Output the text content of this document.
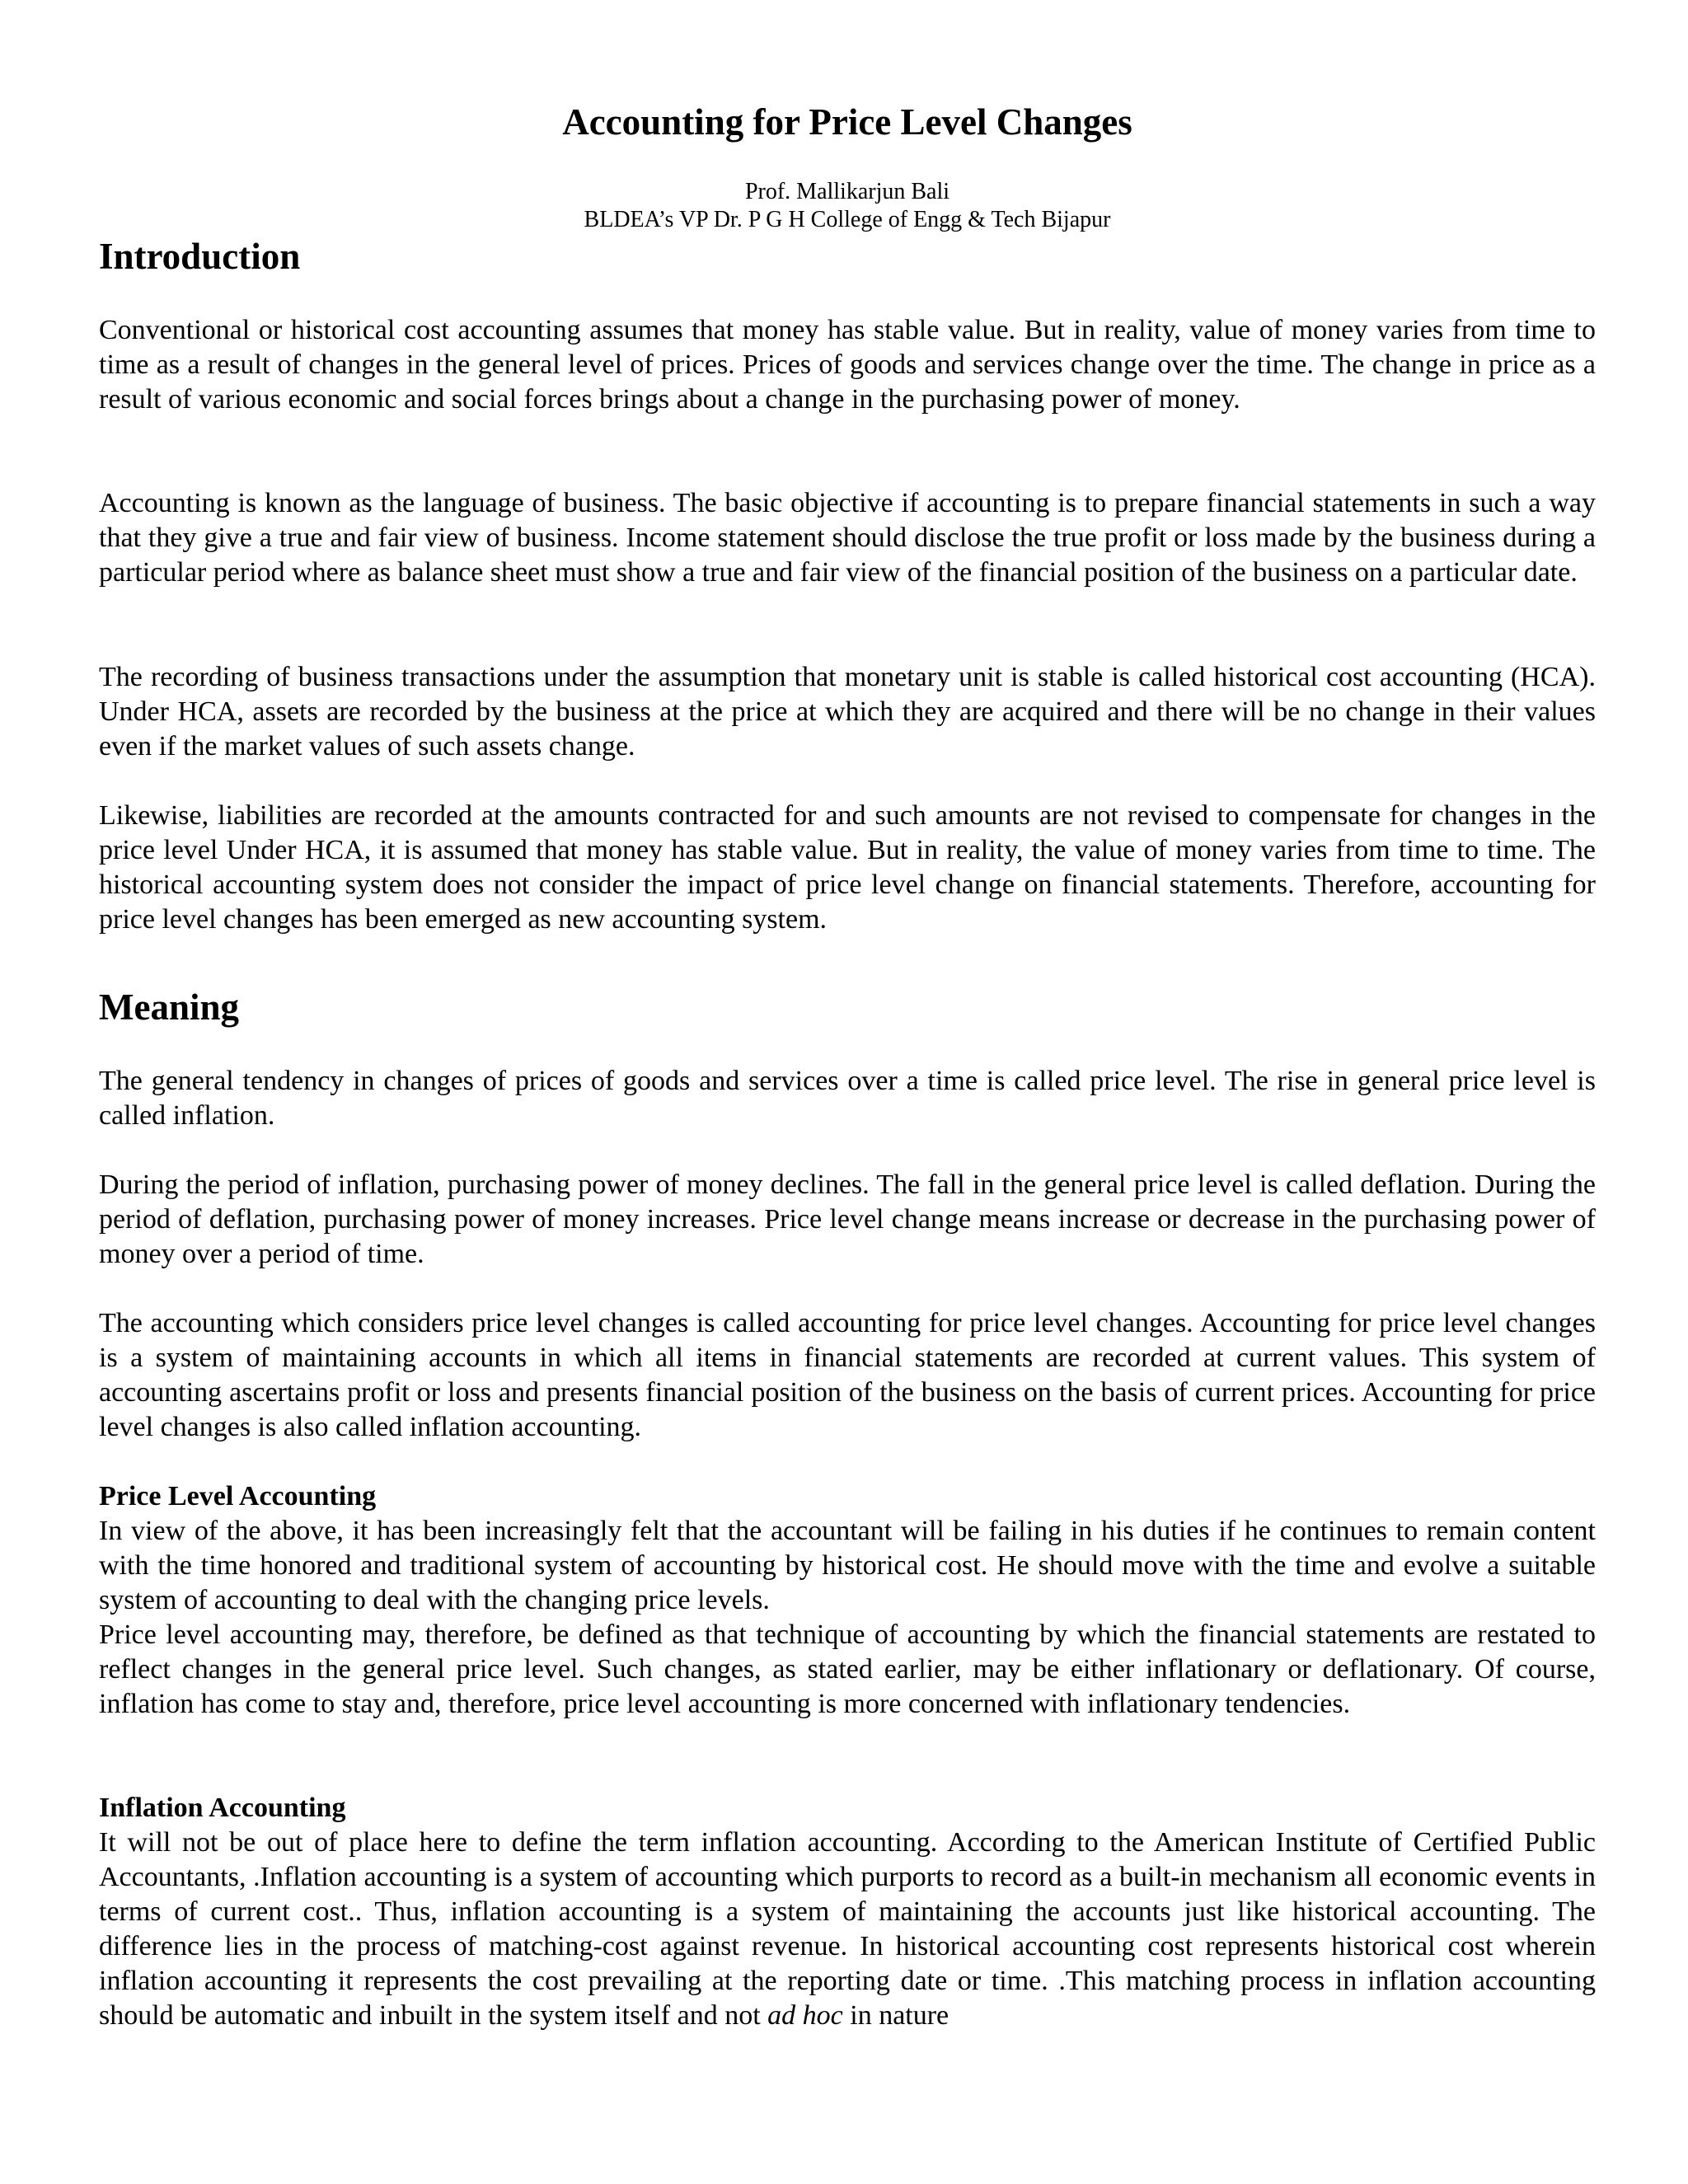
Accounting for Price Level Changes
Prof. Mallikarjun Bali
BLDEA’s VP Dr. P G H College of Engg & Tech Bijapur
Introduction

Conventional or historical cost accounting assumes that money has stable value. But in reality, value of money varies from time to time as a result of changes in the general level of prices. Prices of goods and services change over the time. The change in price as a result of various economic and social forces brings about a change in the purchasing power of money.

Accounting is known as the language of business. The basic objective if accounting is to prepare financial statements in such a way that they give a true and fair view of business. Income statement should disclose the true profit or loss made by the business during a particular period where as balance sheet must show a true and fair view of the financial position of the business on a particular date.

The recording of business transactions under the assumption that monetary unit is stable is called historical cost accounting (HCA). Under HCA, assets are recorded by the business at the price at which they are acquired and there will be no change in their values even if the market values of such assets change.

Likewise, liabilities are recorded at the amounts contracted for and such amounts are not revised to compensate for changes in the price level Under HCA, it is assumed that money has stable value. But in reality, the value of money varies from time to time. The historical accounting system does not consider the impact of price level change on financial statements. Therefore, accounting for price level changes has been emerged as new accounting system.

Meaning

The general tendency in changes of prices of goods and services over a time is called price level. The rise in general price level is called inflation.

During the period of inflation, purchasing power of money declines. The fall in the general price level is called deflation. During the period of deflation, purchasing power of money increases. Price level change means increase or decrease in the purchasing power of money over a period of time.

The accounting which considers price level changes is called accounting for price level changes. Accounting for price level changes is a system of maintaining accounts in which all items in financial statements are recorded at current values. This system of accounting ascertains profit or loss and presents financial position of the business on the basis of current prices. Accounting for price level changes is also called inflation accounting.

Price Level Accounting
In view of the above, it has been increasingly felt that the accountant will be failing in his duties if he continues to remain content with the time honored and traditional system of accounting by historical cost. He should move with the time and evolve a suitable system of accounting to deal with the changing price levels.
Price level accounting may, therefore, be defined as that technique of accounting by which the financial statements are restated to reflect changes in the general price level. Such changes, as stated earlier, may be either inflationary or deflationary. Of course, inflation has come to stay and, therefore, price level accounting is more concerned with inflationary tendencies.
Inflation Accounting
It will not be out of place here to define the term inflation accounting. According to the American Institute of Certified Public Accountants, .Inflation accounting is a system of accounting which purports to record as a built-in mechanism all economic events in terms of current cost.. Thus, inflation accounting is a system of maintaining the accounts just like historical accounting. The difference lies in the process of matching-cost against revenue. In historical accounting cost represents historical cost wherein inflation accounting it represents the cost prevailing at the reporting date or time. .This matching process in inflation accounting should be automatic and inbuilt in the system itself and not ad hoc in nature
